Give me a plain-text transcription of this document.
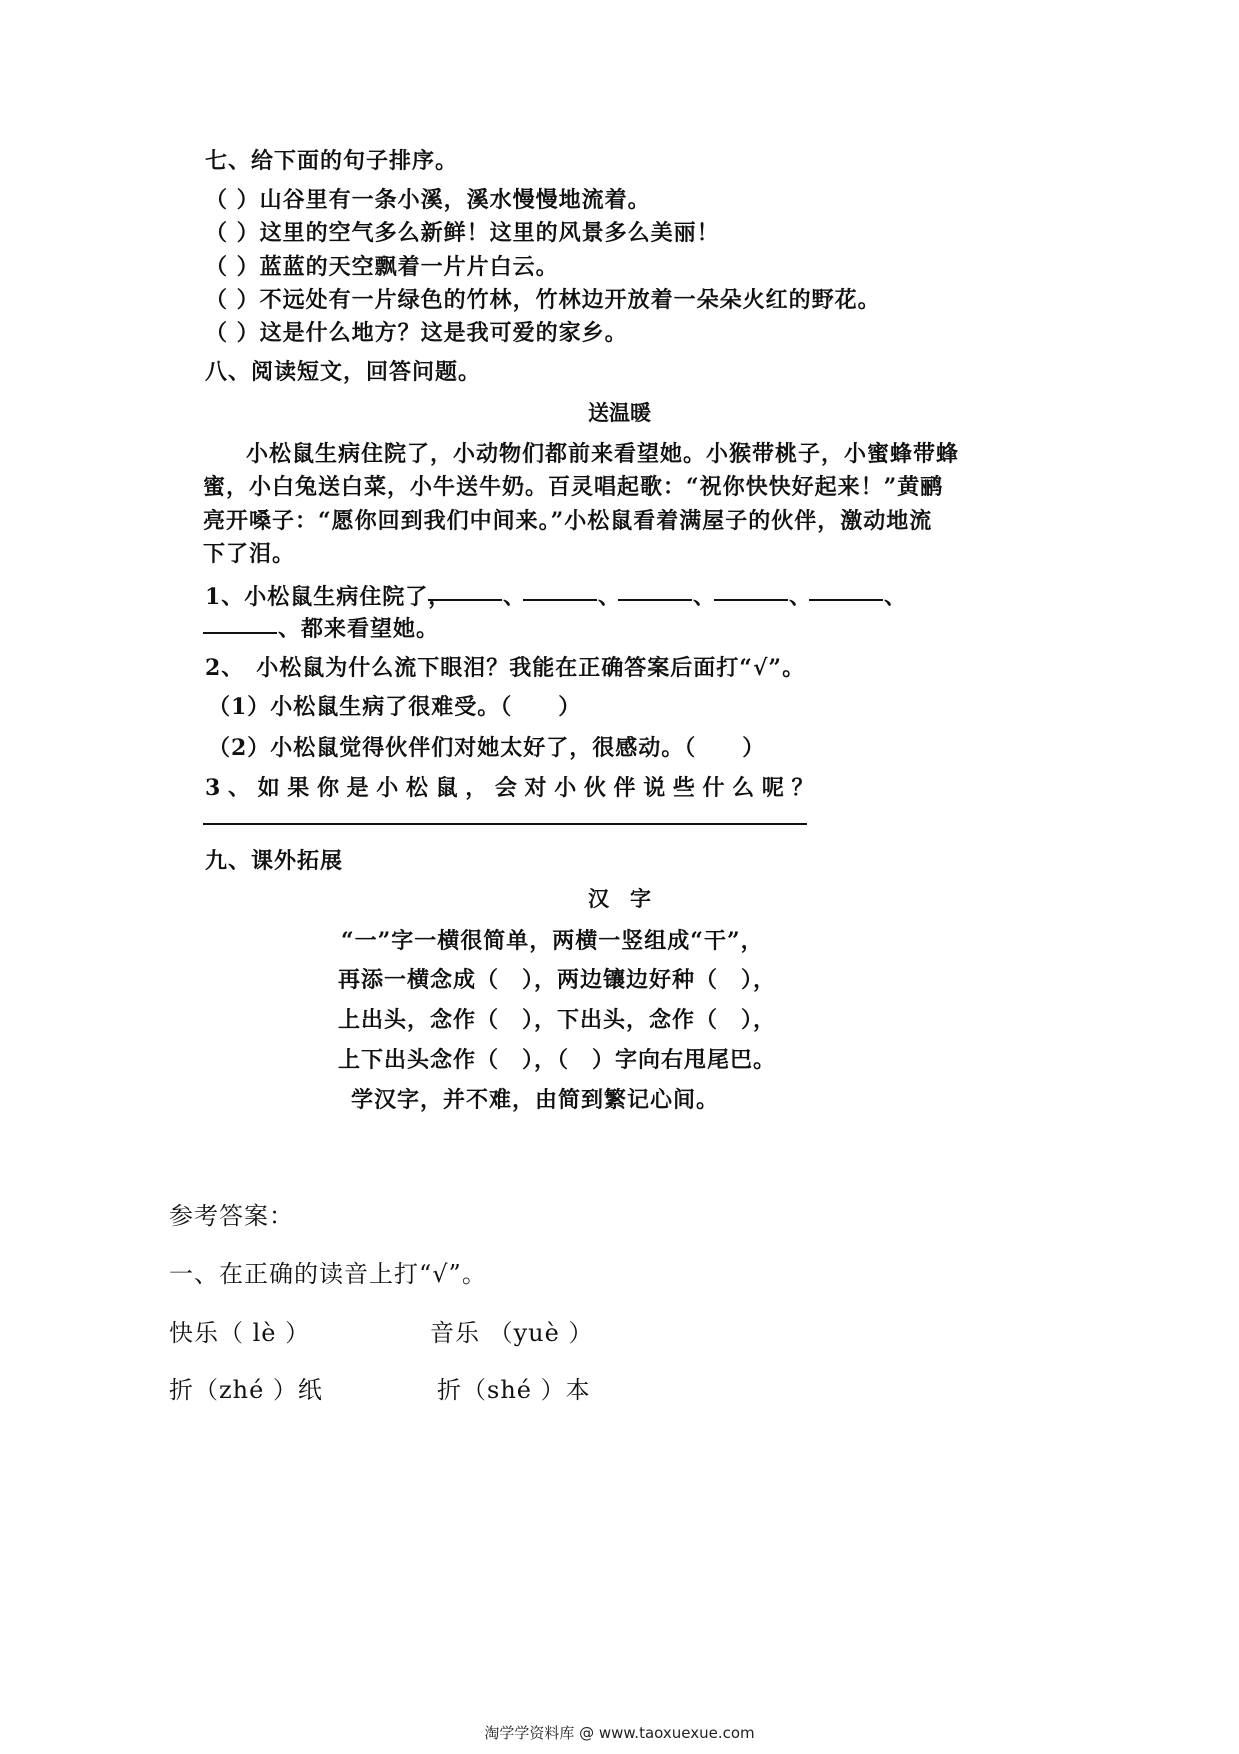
七、给下面的句子排序。
（ ）山谷里有一条小溪，溪水慢慢地流着。
（ ）这里的空气多么新鲜！这里的风景多么美丽！
（ ）蓝蓝的天空飘着一片片白云。
（ ）不远处有一片绿色的竹林，竹林边开放着一朵朵火红的野花。
（ ）这是什么地方？这是我可爱的家乡。
八、阅读短文，回答问题。
送温暖
小松鼠生病住院了，小动物们都前来看望她。小猴带桃子，小蜜蜂带蜂
蜜，小白兔送白菜，小牛送牛奶。百灵唱起歌：“祝你快快好起来！”黄鹂
亮开嗓子：“愿你回到我们中间来。”小松鼠看着满屋子的伙伴，激动地流
下了泪。
1、小松鼠生病住院了， 、	、	、	、	、
、都来看望她。
2、　小松鼠为什么流下眼泪？我能在正确答案后面打“√”。
（1）小松鼠生病了很难受。（　　）
（2）小松鼠觉得伙伴们对她太好了，很感动。（　　）
3 、 如 果 你 是 小 松 鼠 ， 会 对 小 伙 伴 说 些 什 么 呢 ？
九、课外拓展
汉　字
“一”字一横很简单，两横一竖组成“干”，
再添一横念成（　），两边镶边好种（　），
上出头，念作（　），下出头，念作（　），
上下出头念作（　），（　）字向右甩尾巴。
学汉字，并不难，由简到繁记心间。
参考答案：
一、在正确的读音上打“√”。
快乐（ lè ）	音乐 （yuè ）
折（zhé ）纸	折（shé ）本
淘学学资料库 @ www.taoxuexue.com
